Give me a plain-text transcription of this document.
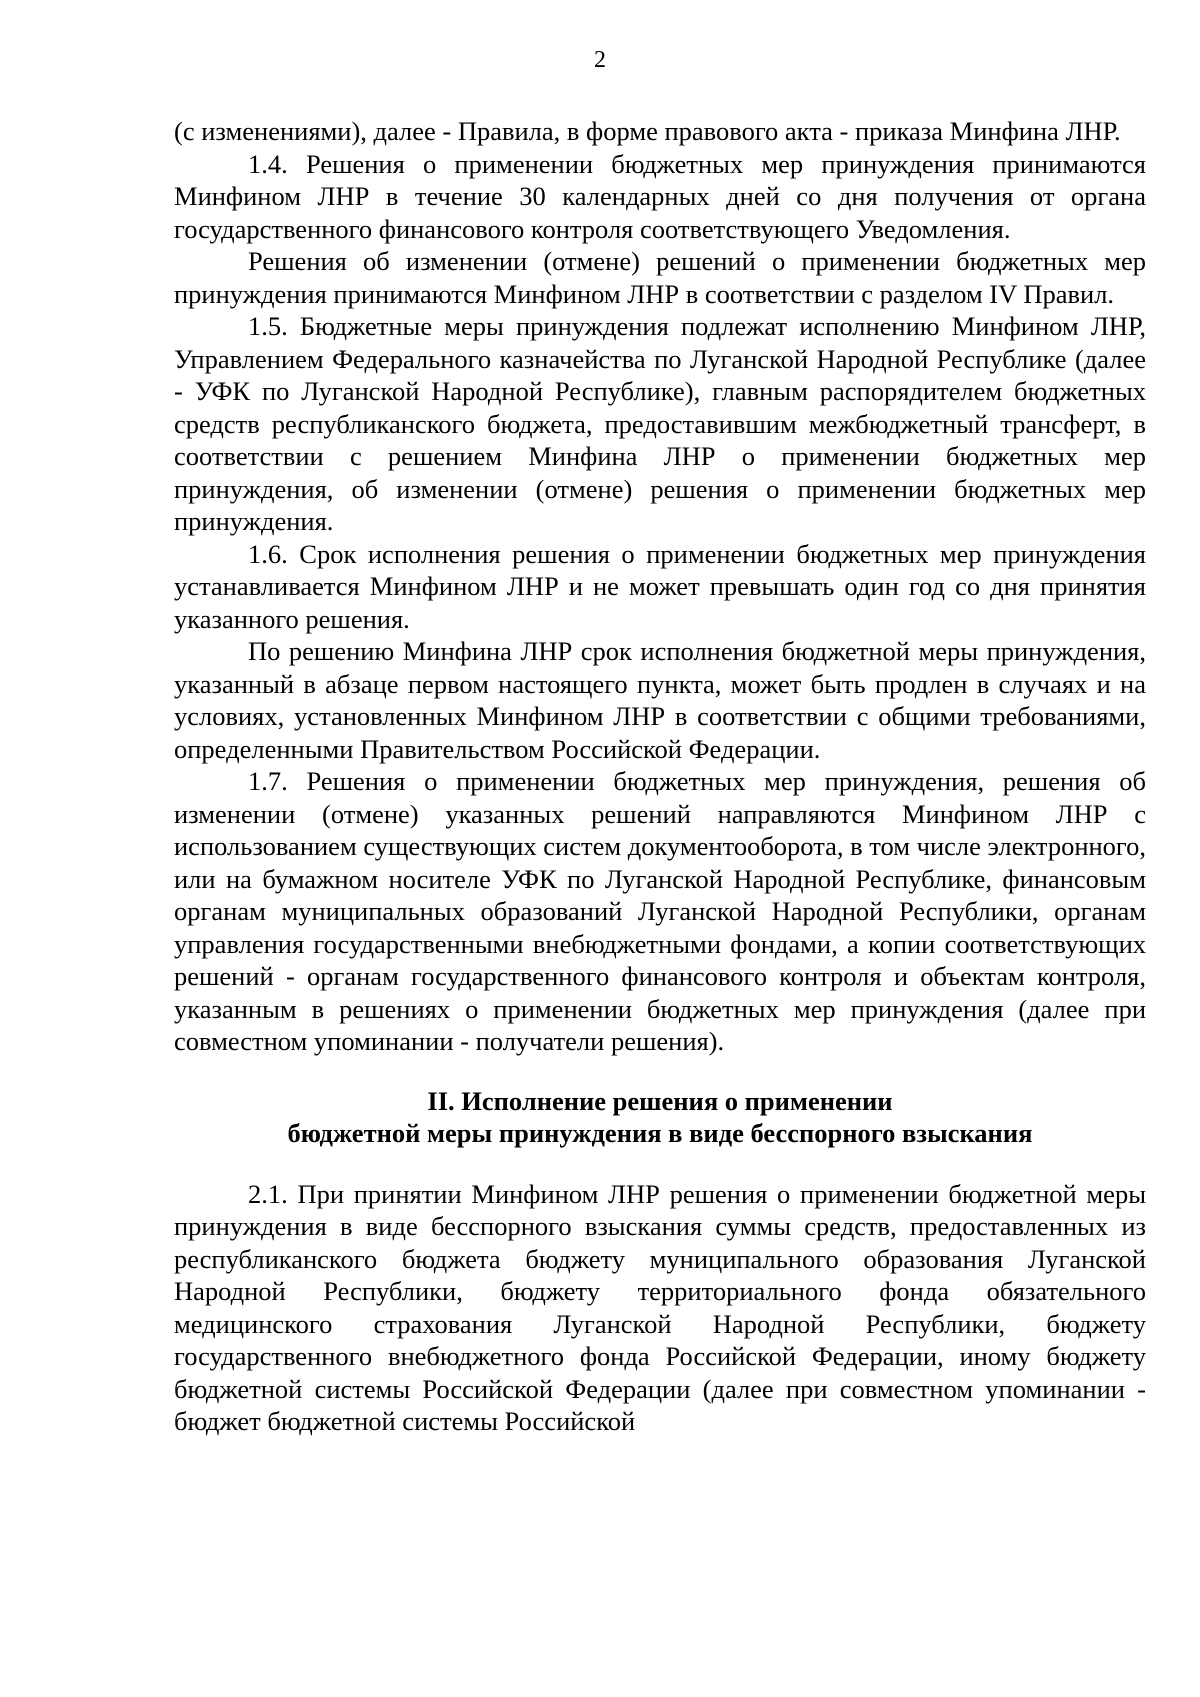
2

(с изменениями), далее - Правила, в форме правового акта - приказа Минфина ЛНР.

1.4. Решения о применении бюджетных мер принуждения принимаются Минфином ЛНР в течение 30 календарных дней со дня получения от органа государственного финансового контроля соответствующего Уведомления.

Решения об изменении (отмене) решений о применении бюджетных мер принуждения принимаются Минфином ЛНР в соответствии с разделом IV Правил.

1.5. Бюджетные меры принуждения подлежат исполнению Минфином ЛНР, Управлением Федерального казначейства по Луганской Народной Республике (далее - УФК по Луганской Народной Республике), главным распорядителем бюджетных средств республиканского бюджета, предоставившим межбюджетный трансферт, в соответствии с решением Минфина ЛНР о применении бюджетных мер принуждения, об изменении (отмене) решения о применении бюджетных мер принуждения.

1.6. Срок исполнения решения о применении бюджетных мер принуждения устанавливается Минфином ЛНР и не может превышать один год со дня принятия указанного решения.

По решению Минфина ЛНР срок исполнения бюджетной меры принуждения, указанный в абзаце первом настоящего пункта, может быть продлен в случаях и на условиях, установленных Минфином ЛНР в соответствии с общими требованиями, определенными Правительством Российской Федерации.

1.7. Решения о применении бюджетных мер принуждения, решения об изменении (отмене) указанных решений направляются Минфином ЛНР с использованием существующих систем документооборота, в том числе электронного, или на бумажном носителе УФК по Луганской Народной Республике, финансовым органам муниципальных образований Луганской Народной Республики, органам управления государственными внебюджетными фондами, а копии соответствующих решений - органам государственного финансового контроля и объектам контроля, указанным в решениях о применении бюджетных мер принуждения (далее при совместном упоминании - получатели решения).

II. Исполнение решения о применении
бюджетной меры принуждения в виде бесспорного взыскания

2.1. При принятии Минфином ЛНР решения о применении бюджетной меры принуждения в виде бесспорного взыскания суммы средств, предоставленных из республиканского бюджета бюджету муниципального образования Луганской Народной Республики, бюджету территориального фонда обязательного медицинского страхования Луганской Народной Республики, бюджету государственного внебюджетного фонда Российской Федерации, иному бюджету бюджетной системы Российской Федерации (далее при совместном упоминании - бюджет бюджетной системы Российской
